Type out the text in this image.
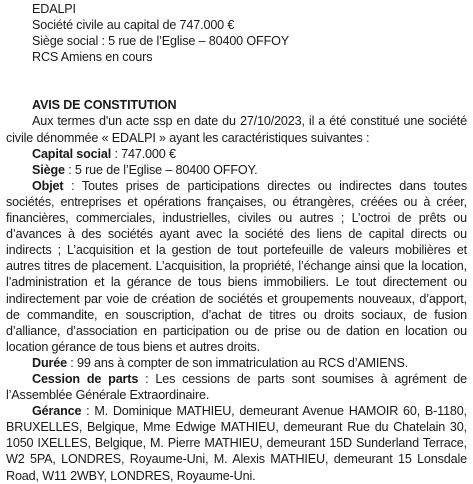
EDALPI
Société civile au capital de 747.000 €
Siège social : 5 rue de l’Eglise – 80400 OFFOY
RCS Amiens en cours
AVIS DE CONSTITUTION

Aux termes d'un acte ssp en date du 27/10/2023, il a été constitué une société civile dénommée « EDALPI » ayant les caractéristiques suivantes :

Capital social : 747.000 €

Siège : 5 rue de l’Eglise – 80400 OFFOY.

Objet : Toutes prises de participations directes ou indirectes dans toutes sociétés, entreprises et opérations françaises, ou étrangères, créées ou à créer, financières, commerciales, industrielles, civiles ou autres ; L’octroi de prêts ou d’avances à des sociétés ayant avec la société des liens de capital directs ou indirects ; L’acquisition et la gestion de tout portefeuille de valeurs mobilières et autres titres de placement. L’acquisition, la propriété, l’échange ainsi que la location, l’administration et la gérance de tous biens immobiliers. Le tout directement ou indirectement par voie de création de sociétés et groupements nouveaux, d’apport, de commandite, en souscription, d’achat de titres ou droits sociaux, de fusion d’alliance, d’association en participation ou de prise ou de dation en location ou location gérance de tous biens et autres droits.

Durée : 99 ans à compter de son immatriculation au RCS d’AMIENS.

Cession de parts : Les cessions de parts sont soumises à agrément de l’Assemblée Générale Extraordinaire.

Gérance : M. Dominique MATHIEU, demeurant Avenue HAMOIR 60, B-1180, BRUXELLES, Belgique, Mme Edwige MATHIEU, demeurant Rue du Chatelain 30, 1050 IXELLES, Belgique, M. Pierre MATHIEU, demeurant 15D Sunderland Terrace, W2 5PA, LONDRES, Royaume-Uni, M. Alexis MATHIEU, demeurant 15 Lonsdale Road, W11 2WBY, LONDRES, Royaume-Uni.
